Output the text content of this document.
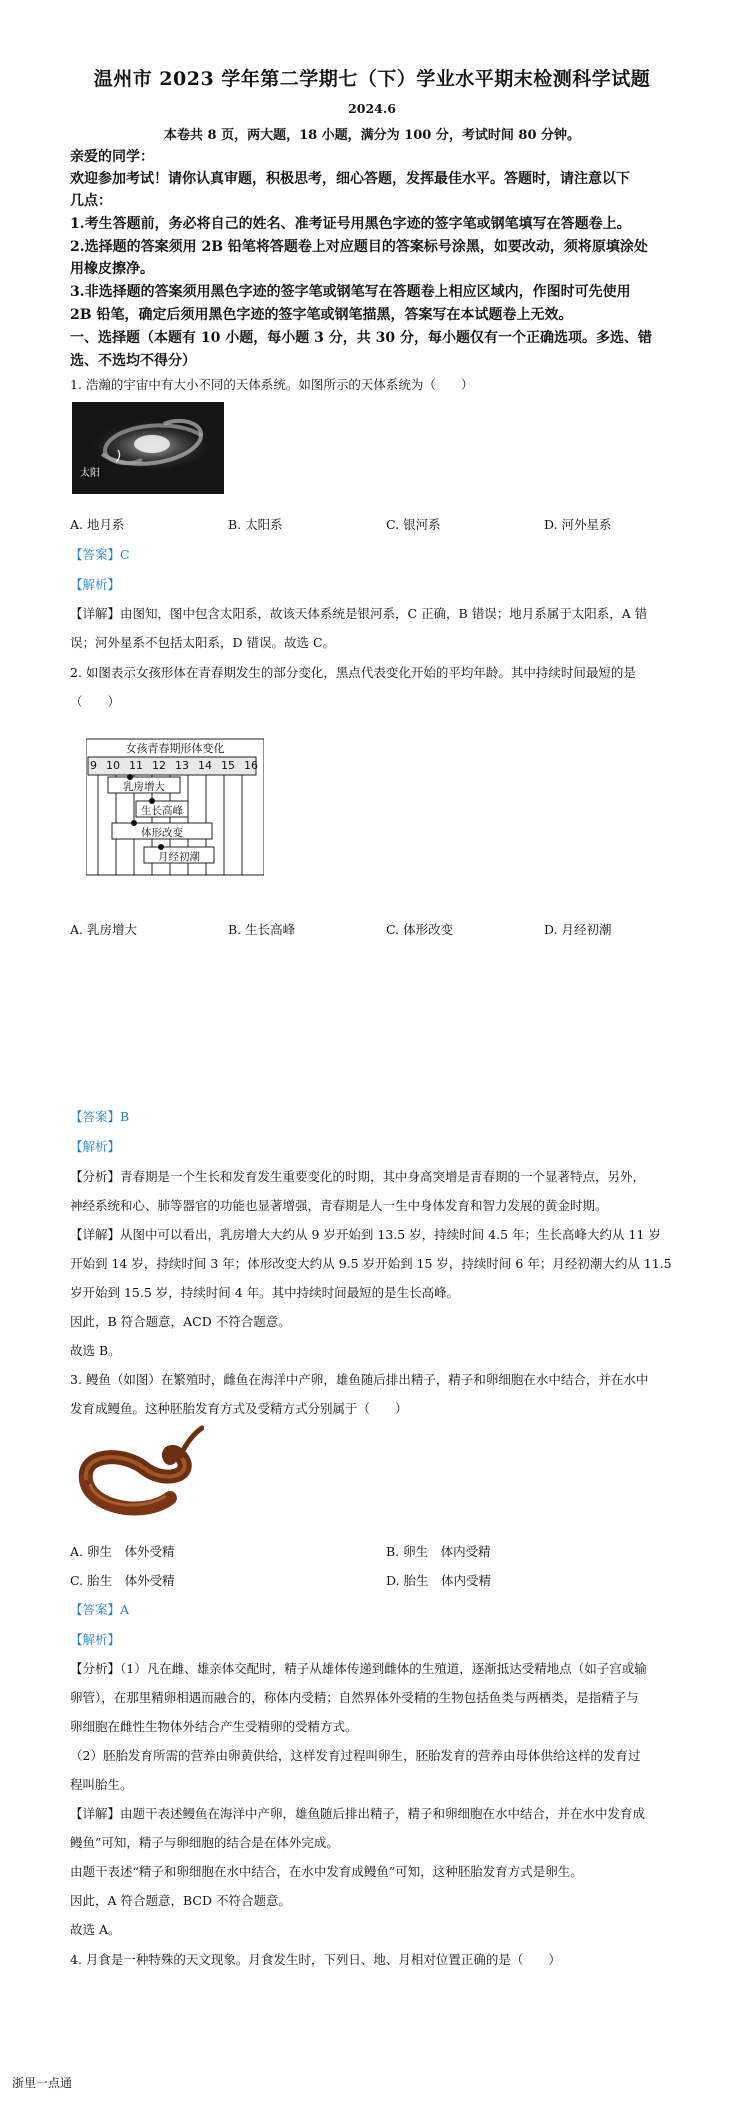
温州市 2023 学年第二学期七（下）学业水平期末检测科学试题
2024.6
本卷共 8 页，两大题，18 小题，满分为 100 分，考试时间 80 分钟。
亲爱的同学：
欢迎参加考试！请你认真审题，积极思考，细心答题，发挥最佳水平。答题时，请注意以下
几点：
1.考生答题前，务必将自己的姓名、准考证号用黑色字迹的签字笔或钢笔填写在答题卷上。
2.选择题的答案须用 2B 铅笔将答题卷上对应题目的答案标号涂黑，如要改动，须将原填涂处
用橡皮擦净。
3.非选择题的答案须用黑色字迹的签字笔或钢笔写在答题卷上相应区域内，作图时可先使用
2B 铅笔，确定后须用黑色字迹的签字笔或钢笔描黑，答案写在本试题卷上无效。
一、选择题（本题有 10 小题，每小题 3 分，共 30 分，每小题仅有一个正确选项。多选、错
选、不选均不得分）
1. 浩瀚的宇宙中有大小不同的天体系统。如图所示的天体系统为（　　）
太阳
A. 地月系	B. 太阳系	C. 银河系	D. 河外星系
【答案】C
【解析】
【详解】由图知，图中包含太阳系，故该天体系统是银河系，C 正确，B 错误；地月系属于太阳系，A 错
误；河外星系不包括太阳系，D 错误。故选 C。
2. 如图表示女孩形体在青春期发生的部分变化，黑点代表变化开始的平均年龄。其中持续时间最短的是
（　　）
女孩青春期形体变化
9 10 11 12 13 14 15 16
乳房增大
生长高峰
体形改变
月经初潮
A. 乳房增大	B. 生长高峰	C. 体形改变	D. 月经初潮
【答案】B
【解析】
【分析】青春期是一个生长和发育发生重要变化的时期，其中身高突增是青春期的一个显著特点，另外，
神经系统和心、肺等器官的功能也显著增强，青春期是人一生中身体发育和智力发展的黄金时期。
【详解】从图中可以看出，乳房增大大约从 9 岁开始到 13.5 岁，持续时间 4.5 年；生长高峰大约从 11 岁
开始到 14 岁，持续时间 3 年；体形改变大约从 9.5 岁开始到 15 岁，持续时间 6 年；月经初潮大约从 11.5
岁开始到 15.5 岁，持续时间 4 年。其中持续时间最短的是生长高峰。
因此，B 符合题意，ACD 不符合题意。
故选 B。
3. 鳗鱼（如图）在繁殖时，雌鱼在海洋中产卵，雄鱼随后排出精子，精子和卵细胞在水中结合，并在水中
发育成鳗鱼。这种胚胎发育方式及受精方式分别属于（　　）
A. 卵生　体外受精	B. 卵生　体内受精
C. 胎生　体外受精	D. 胎生　体内受精
【答案】A
【解析】
【分析】（1）凡在雌、雄亲体交配时，精子从雄体传递到雌体的生殖道，逐渐抵达受精地点（如子宫或输
卵管），在那里精卵相遇而融合的，称体内受精；自然界体外受精的生物包括鱼类与两栖类，是指精子与
卵细胞在雌性生物体外结合产生受精卵的受精方式。
（2）胚胎发育所需的营养由卵黄供给，这样发育过程叫卵生，胚胎发育的营养由母体供给这样的发育过
程叫胎生。
【详解】由题干表述鳗鱼在海洋中产卵，雄鱼随后排出精子，精子和卵细胞在水中结合，并在水中发育成
鳗鱼”可知，精子与卵细胞的结合是在体外完成。
由题干表述“精子和卵细胞在水中结合，在水中发育成鳗鱼”可知，这种胚胎发育方式是卵生。
因此，A 符合题意，BCD 不符合题意。
故选 A。
4. 月食是一种特殊的天文现象。月食发生时，下列日、地、月相对位置正确的是（　　）
浙里一点通
